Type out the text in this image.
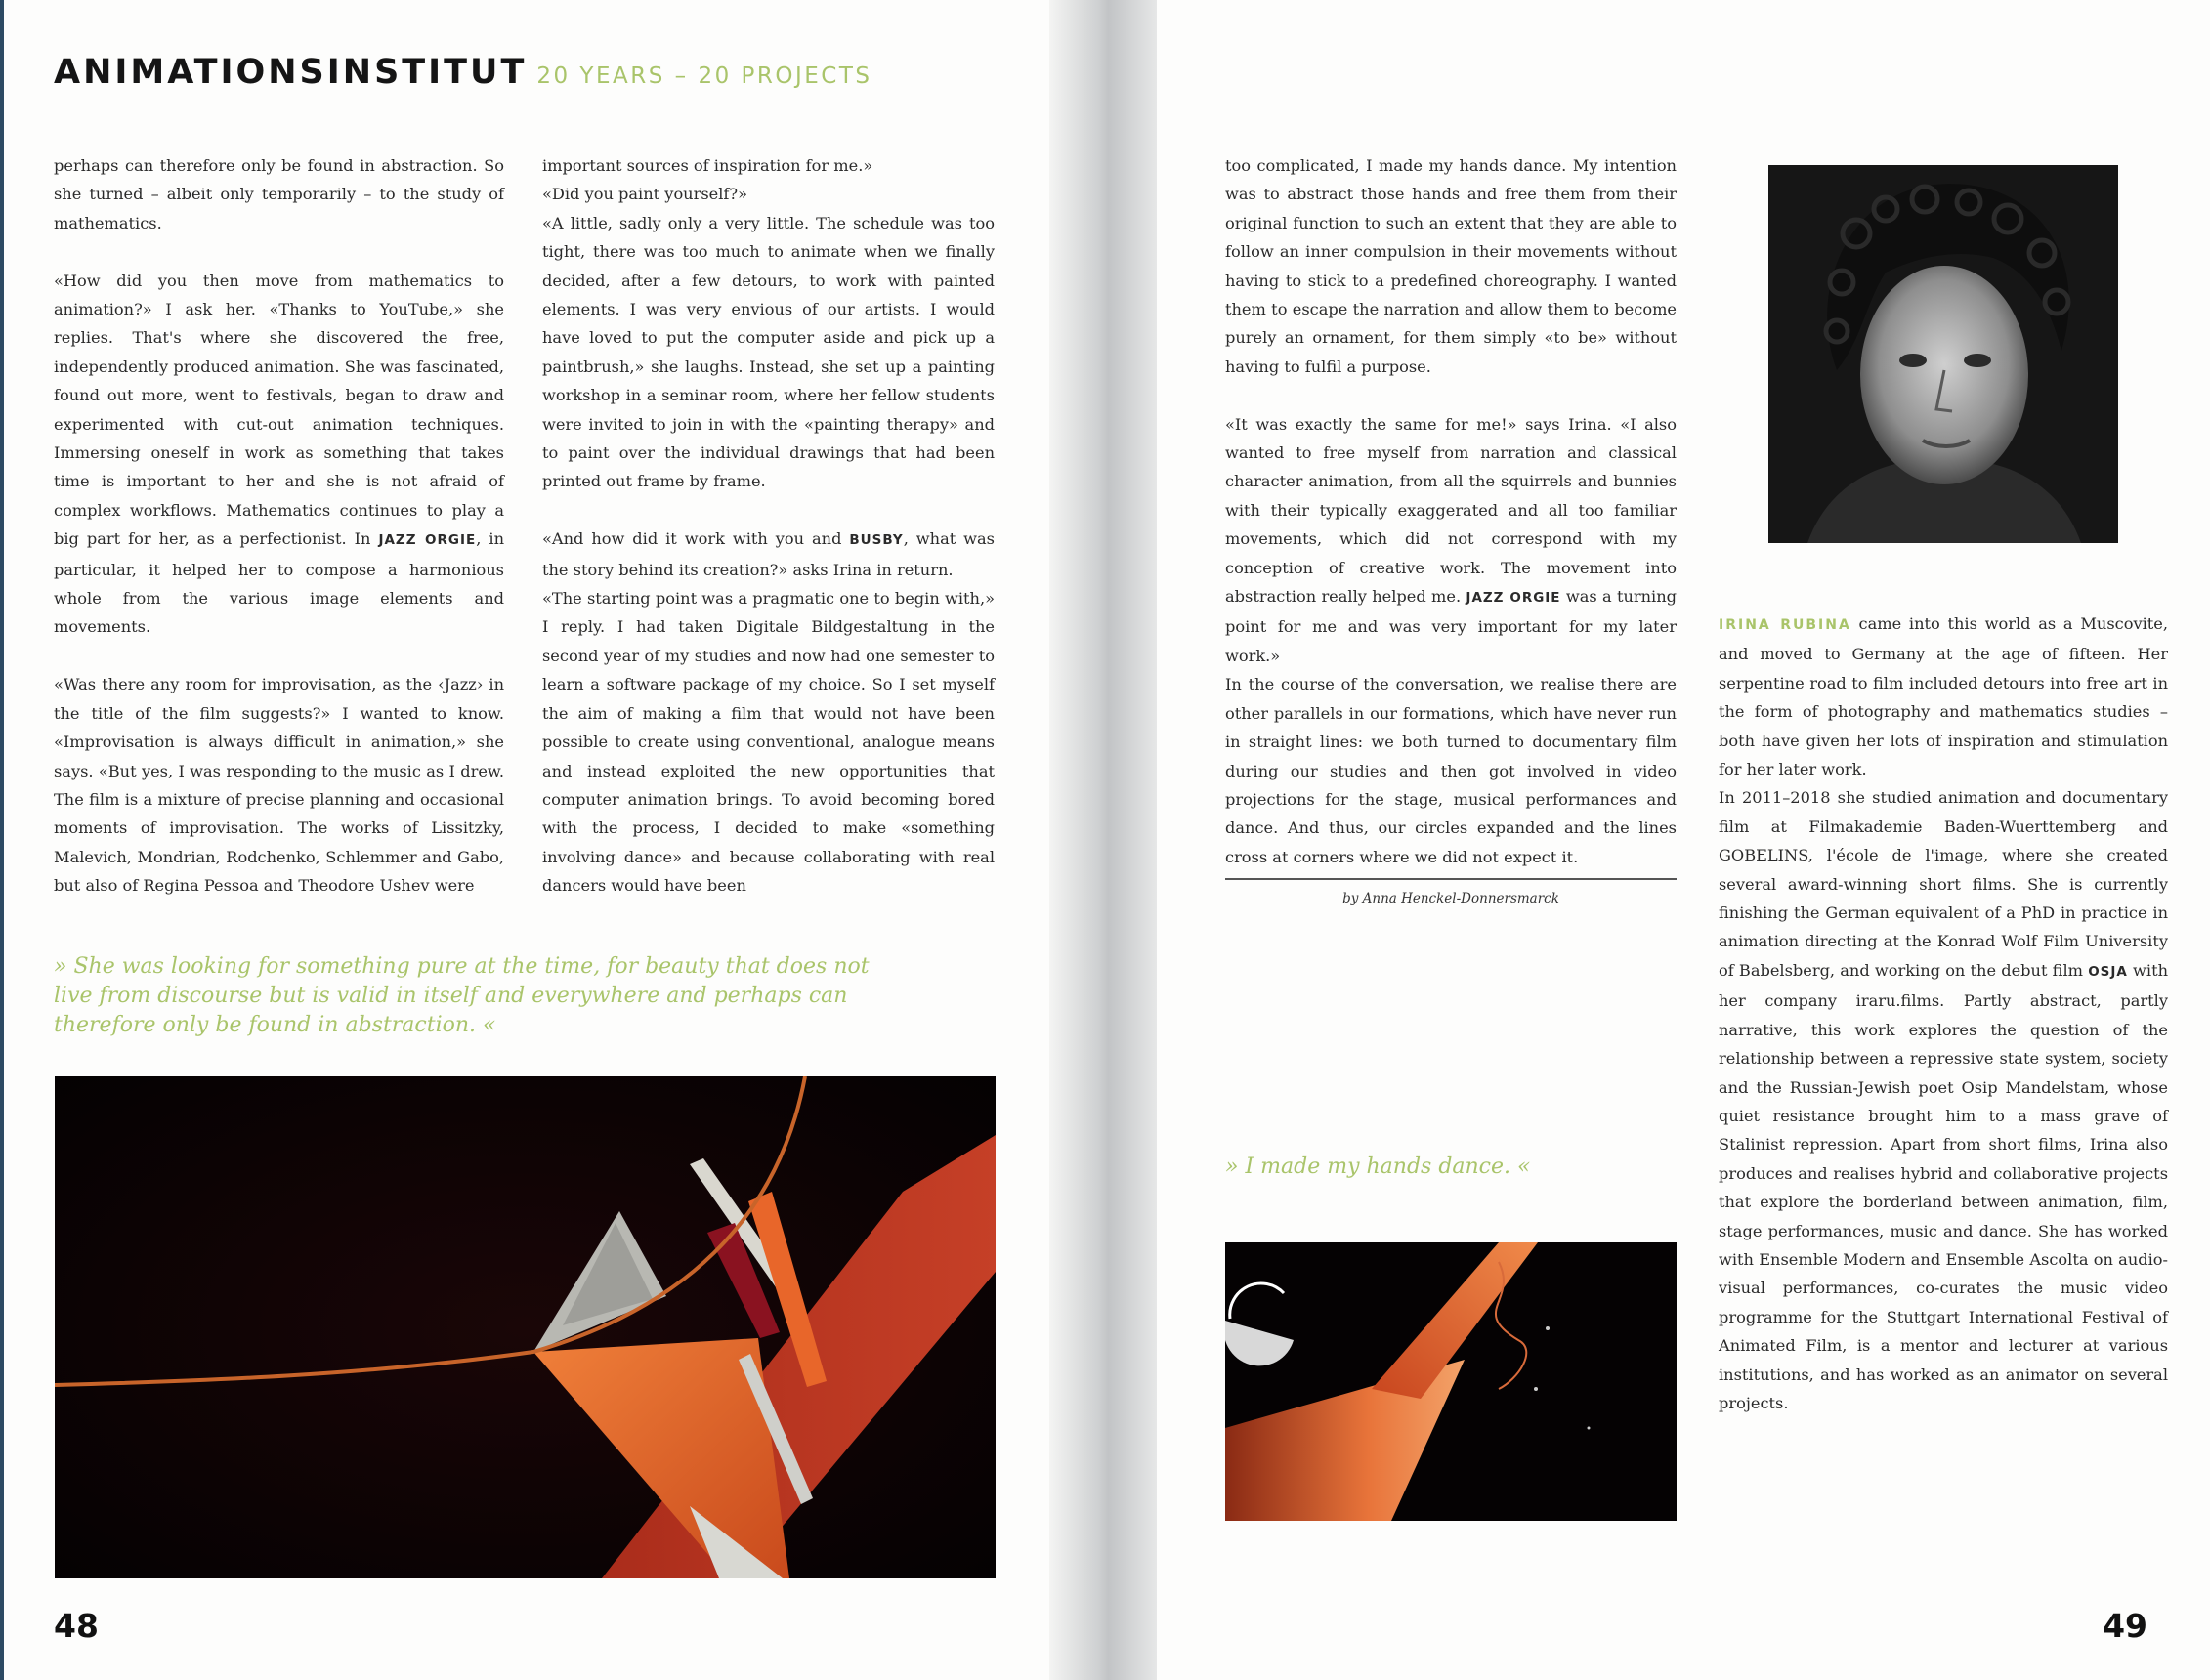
ANIMATIONSINSTITUT 20 YEARS – 20 PROJECTS

perhaps can therefore only be found in abstraction. So she turned – albeit only temporarily – to the study of mathematics.

«How did you then move from mathematics to animation?» I ask her. «Thanks to YouTube,» she replies. That's where she discovered the free, independently produced animation. She was fascinated, found out more, went to festivals, began to draw and experimented with cut-out animation techniques. Immersing oneself in work as something that takes time is important to her and she is not afraid of complex workflows. Mathematics continues to play a big part for her, as a perfectionist. In JAZZ ORGIE, in particular, it helped her to compose a harmonious whole from the various image elements and movements.

«Was there any room for improvisation, as the ‹Jazz› in the title of the film suggests?» I wanted to know. «Improvisation is always difficult in animation,» she says. «But yes, I was responding to the music as I drew. The film is a mixture of precise planning and occasional moments of improvisation. The works of Lissitzky, Malevich, Mondrian, Rodchenko, Schlemmer and Gabo, but also of Regina Pessoa and Theodore Ushev were

important sources of inspiration for me.»

«Did you paint yourself?»

«A little, sadly only a very little. The schedule was too tight, there was too much to animate when we finally decided, after a few detours, to work with painted elements. I was very envious of our artists. I would have loved to put the computer aside and pick up a paintbrush,» she laughs. Instead, she set up a painting workshop in a seminar room, where her fellow students were invited to join in with the «painting therapy» and to paint over the individual drawings that had been printed out frame by frame.

«And how did it work with you and BUSBY, what was the story behind its creation?» asks Irina in return.

«The starting point was a pragmatic one to begin with,» I reply. I had taken Digitale Bildgestaltung in the second year of my studies and now had one semester to learn a software package of my choice. So I set myself the aim of making a film that would not have been possible to create using conventional, analogue means and instead exploited the new opportunities that computer animation brings. To avoid becoming bored with the process, I decided to make «something involving dance» and because collaborating with real dancers would have been

» She was looking for something pure at the time, for beauty that does not live from discourse but is valid in itself and everywhere and perhaps can therefore only be found in abstraction. «
48

too complicated, I made my hands dance. My intention was to abstract those hands and free them from their original function to such an extent that they are able to follow an inner compulsion in their movements without having to stick to a predefined choreography. I wanted them to escape the narration and allow them to become purely an ornament, for them simply «to be» without having to fulfil a purpose.

«It was exactly the same for me!» says Irina. «I also wanted to free myself from narration and classical character animation, from all the squirrels and bunnies with their typically exaggerated and all too familiar movements, which did not correspond with my conception of creative work. The movement into abstraction really helped me. JAZZ ORGIE was a turning point for me and was very important for my later work.»

In the course of the conversation, we realise there are other parallels in our formations, which have never run in straight lines: we both turned to documentary film during our studies and then got involved in video projections for the stage, musical performances and dance. And thus, our circles expanded and the lines cross at corners where we did not expect it.

by Anna Henckel-Donnersmarck

IRINA RUBINA came into this world as a Muscovite, and moved to Germany at the age of fifteen. Her serpentine road to film included detours into free art in the form of photography and mathematics studies – both have given her lots of inspiration and stimulation for her later work.

In 2011–2018 she studied animation and documentary film at Filmakademie Baden-Wuerttemberg and GOBELINS, l'école de l'image, where she created several award-winning short films. She is currently finishing the German equivalent of a PhD in practice in animation directing at the Konrad Wolf Film University of Babelsberg, and working on the debut film OSJA with her company iraru.films. Partly abstract, partly narrative, this work explores the question of the relationship between a repressive state system, society and the Russian-Jewish poet Osip Mandelstam, whose quiet resistance brought him to a mass grave of Stalinist repression. Apart from short films, Irina also produces and realises hybrid and collaborative projects that explore the borderland between animation, film, stage performances, music and dance. She has worked with Ensemble Modern and Ensemble Ascolta on audio-visual performances, co-curates the music video programme for the Stuttgart International Festival of Animated Film, is a mentor and lecturer at various institutions, and has worked as an animator on several projects.

» I made my hands dance. «
49
